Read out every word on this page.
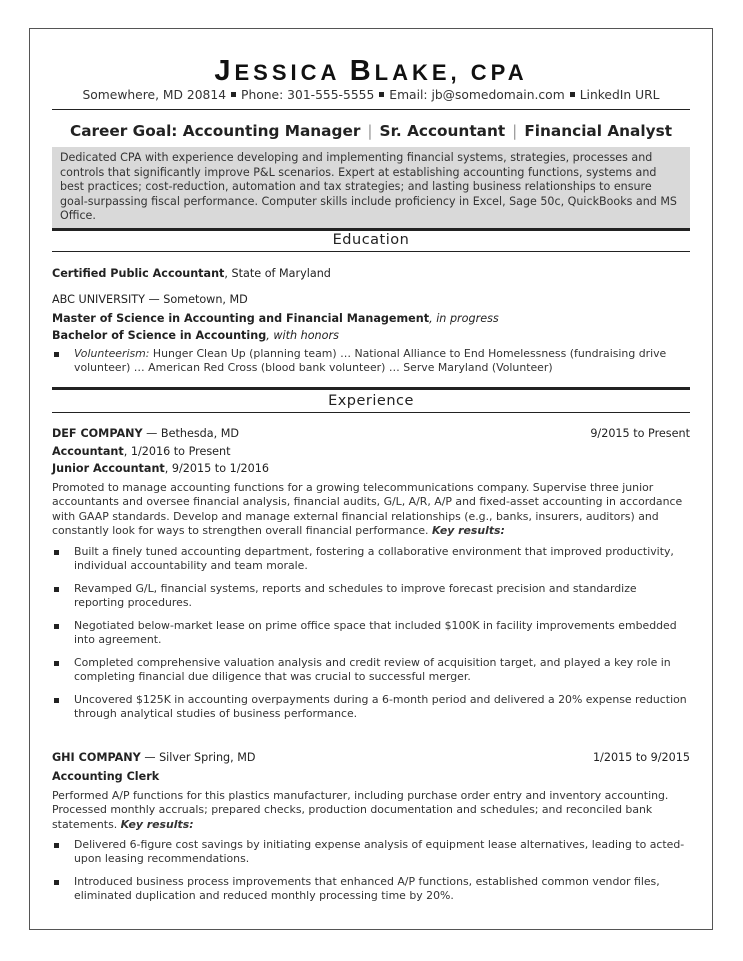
JESSICA BLAKE, CPA
Somewhere, MD 20814 Phone: 301-555-5555 Email: jb@somedomain.com LinkedIn URL
Career Goal: Accounting Manager | Sr. Accountant | Financial Analyst
Dedicated CPA with experience developing and implementing financial systems, strategies, processes and controls that significantly improve P&L scenarios. Expert at establishing accounting functions, systems and best practices; cost-reduction, automation and tax strategies; and lasting business relationships to ensure goal-surpassing fiscal performance. Computer skills include proficiency in Excel, Sage 50c, QuickBooks and MS Office.
Education
Certified Public Accountant, State of Maryland
ABC UNIVERSITY — Sometown, MD
Master of Science in Accounting and Financial Management, in progress
Bachelor of Science in Accounting, with honors
Volunteerism: Hunger Clean Up (planning team) … National Alliance to End Homelessness (fundraising drive volunteer) … American Red Cross (blood bank volunteer) … Serve Maryland (Volunteer)
Experience
DEF COMPANY — Bethesda, MD	9/2015 to Present
Accountant, 1/2016 to Present
Junior Accountant, 9/2015 to 1/2016
Promoted to manage accounting functions for a growing telecommunications company. Supervise three junior accountants and oversee financial analysis, financial audits, G/L, A/R, A/P and fixed-asset accounting in accordance with GAAP standards. Develop and manage external financial relationships (e.g., banks, insurers, auditors) and constantly look for ways to strengthen overall financial performance. Key results:
Built a finely tuned accounting department, fostering a collaborative environment that improved productivity, individual accountability and team morale.
Revamped G/L, financial systems, reports and schedules to improve forecast precision and standardize reporting procedures.
Negotiated below-market lease on prime office space that included $100K in facility improvements embedded into agreement.
Completed comprehensive valuation analysis and credit review of acquisition target, and played a key role in completing financial due diligence that was crucial to successful merger.
Uncovered $125K in accounting overpayments during a 6-month period and delivered a 20% expense reduction through analytical studies of business performance.
GHI COMPANY — Silver Spring, MD	1/2015 to 9/2015
Accounting Clerk
Performed A/P functions for this plastics manufacturer, including purchase order entry and inventory accounting. Processed monthly accruals; prepared checks, production documentation and schedules; and reconciled bank statements. Key results:
Delivered 6-figure cost savings by initiating expense analysis of equipment lease alternatives, leading to acted-upon leasing recommendations.
Introduced business process improvements that enhanced A/P functions, established common vendor files, eliminated duplication and reduced monthly processing time by 20%.
